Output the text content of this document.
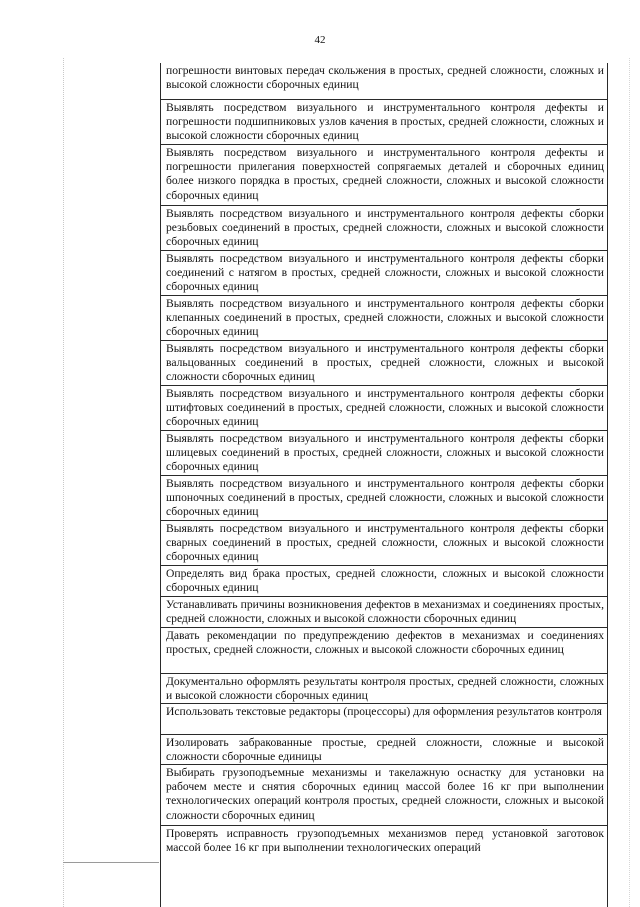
42
погрешности винтовых передач скольжения в простых, средней сложности, сложных и высокой сложности сборочных единиц
Выявлять посредством визуального и инструментального контроля дефекты и погрешности подшипниковых узлов качения в простых, средней сложности, сложных и высокой сложности сборочных единиц
Выявлять посредством визуального и инструментального контроля дефекты и погрешности прилегания поверхностей сопрягаемых деталей и сборочных единиц более низкого порядка в простых, средней сложности, сложных и высокой сложности сборочных единиц
Выявлять посредством визуального и инструментального контроля дефекты сборки резьбовых соединений в простых, средней сложности, сложных и высокой сложности сборочных единиц
Выявлять посредством визуального и инструментального контроля дефекты сборки соединений с натягом в простых, средней сложности, сложных и высокой сложности сборочных единиц
Выявлять посредством визуального и инструментального контроля дефекты сборки клепанных соединений в простых, средней сложности, сложных и высокой сложности сборочных единиц
Выявлять посредством визуального и инструментального контроля дефекты сборки вальцованных соединений в простых, средней сложности, сложных и высокой сложности сборочных единиц
Выявлять посредством визуального и инструментального контроля дефекты сборки штифтовых соединений в простых, средней сложности, сложных и высокой сложности сборочных единиц
Выявлять посредством визуального и инструментального контроля дефекты сборки шлицевых соединений в простых, средней сложности, сложных и высокой сложности сборочных единиц
Выявлять посредством визуального и инструментального контроля дефекты сборки шпоночных соединений в простых, средней сложности, сложных и высокой сложности сборочных единиц
Выявлять посредством визуального и инструментального контроля дефекты сборки сварных соединений в простых, средней сложности, сложных и высокой сложности сборочных единиц
Определять вид брака простых, средней сложности, сложных и высокой сложности сборочных единиц
Устанавливать причины возникновения дефектов в механизмах и соединениях простых, средней сложности, сложных и высокой сложности сборочных единиц
Давать рекомендации по предупреждению дефектов в механизмах и соединениях простых, средней сложности, сложных и высокой сложности сборочных единиц
Документально оформлять результаты контроля простых, средней сложности, сложных и высокой сложности сборочных единиц
Использовать текстовые редакторы (процессоры) для оформления результатов контроля
Изолировать забракованные простые, средней сложности, сложные и высокой сложности сборочные единицы
Выбирать грузоподъемные механизмы и такелажную оснастку для установки на рабочем месте и снятия сборочных единиц массой более 16 кг при выполнении технологических операций контроля простых, средней сложности, сложных и высокой сложности сборочных единиц
Проверять исправность грузоподъемных механизмов перед установкой заготовок массой более 16 кг при выполнении технологических операций
